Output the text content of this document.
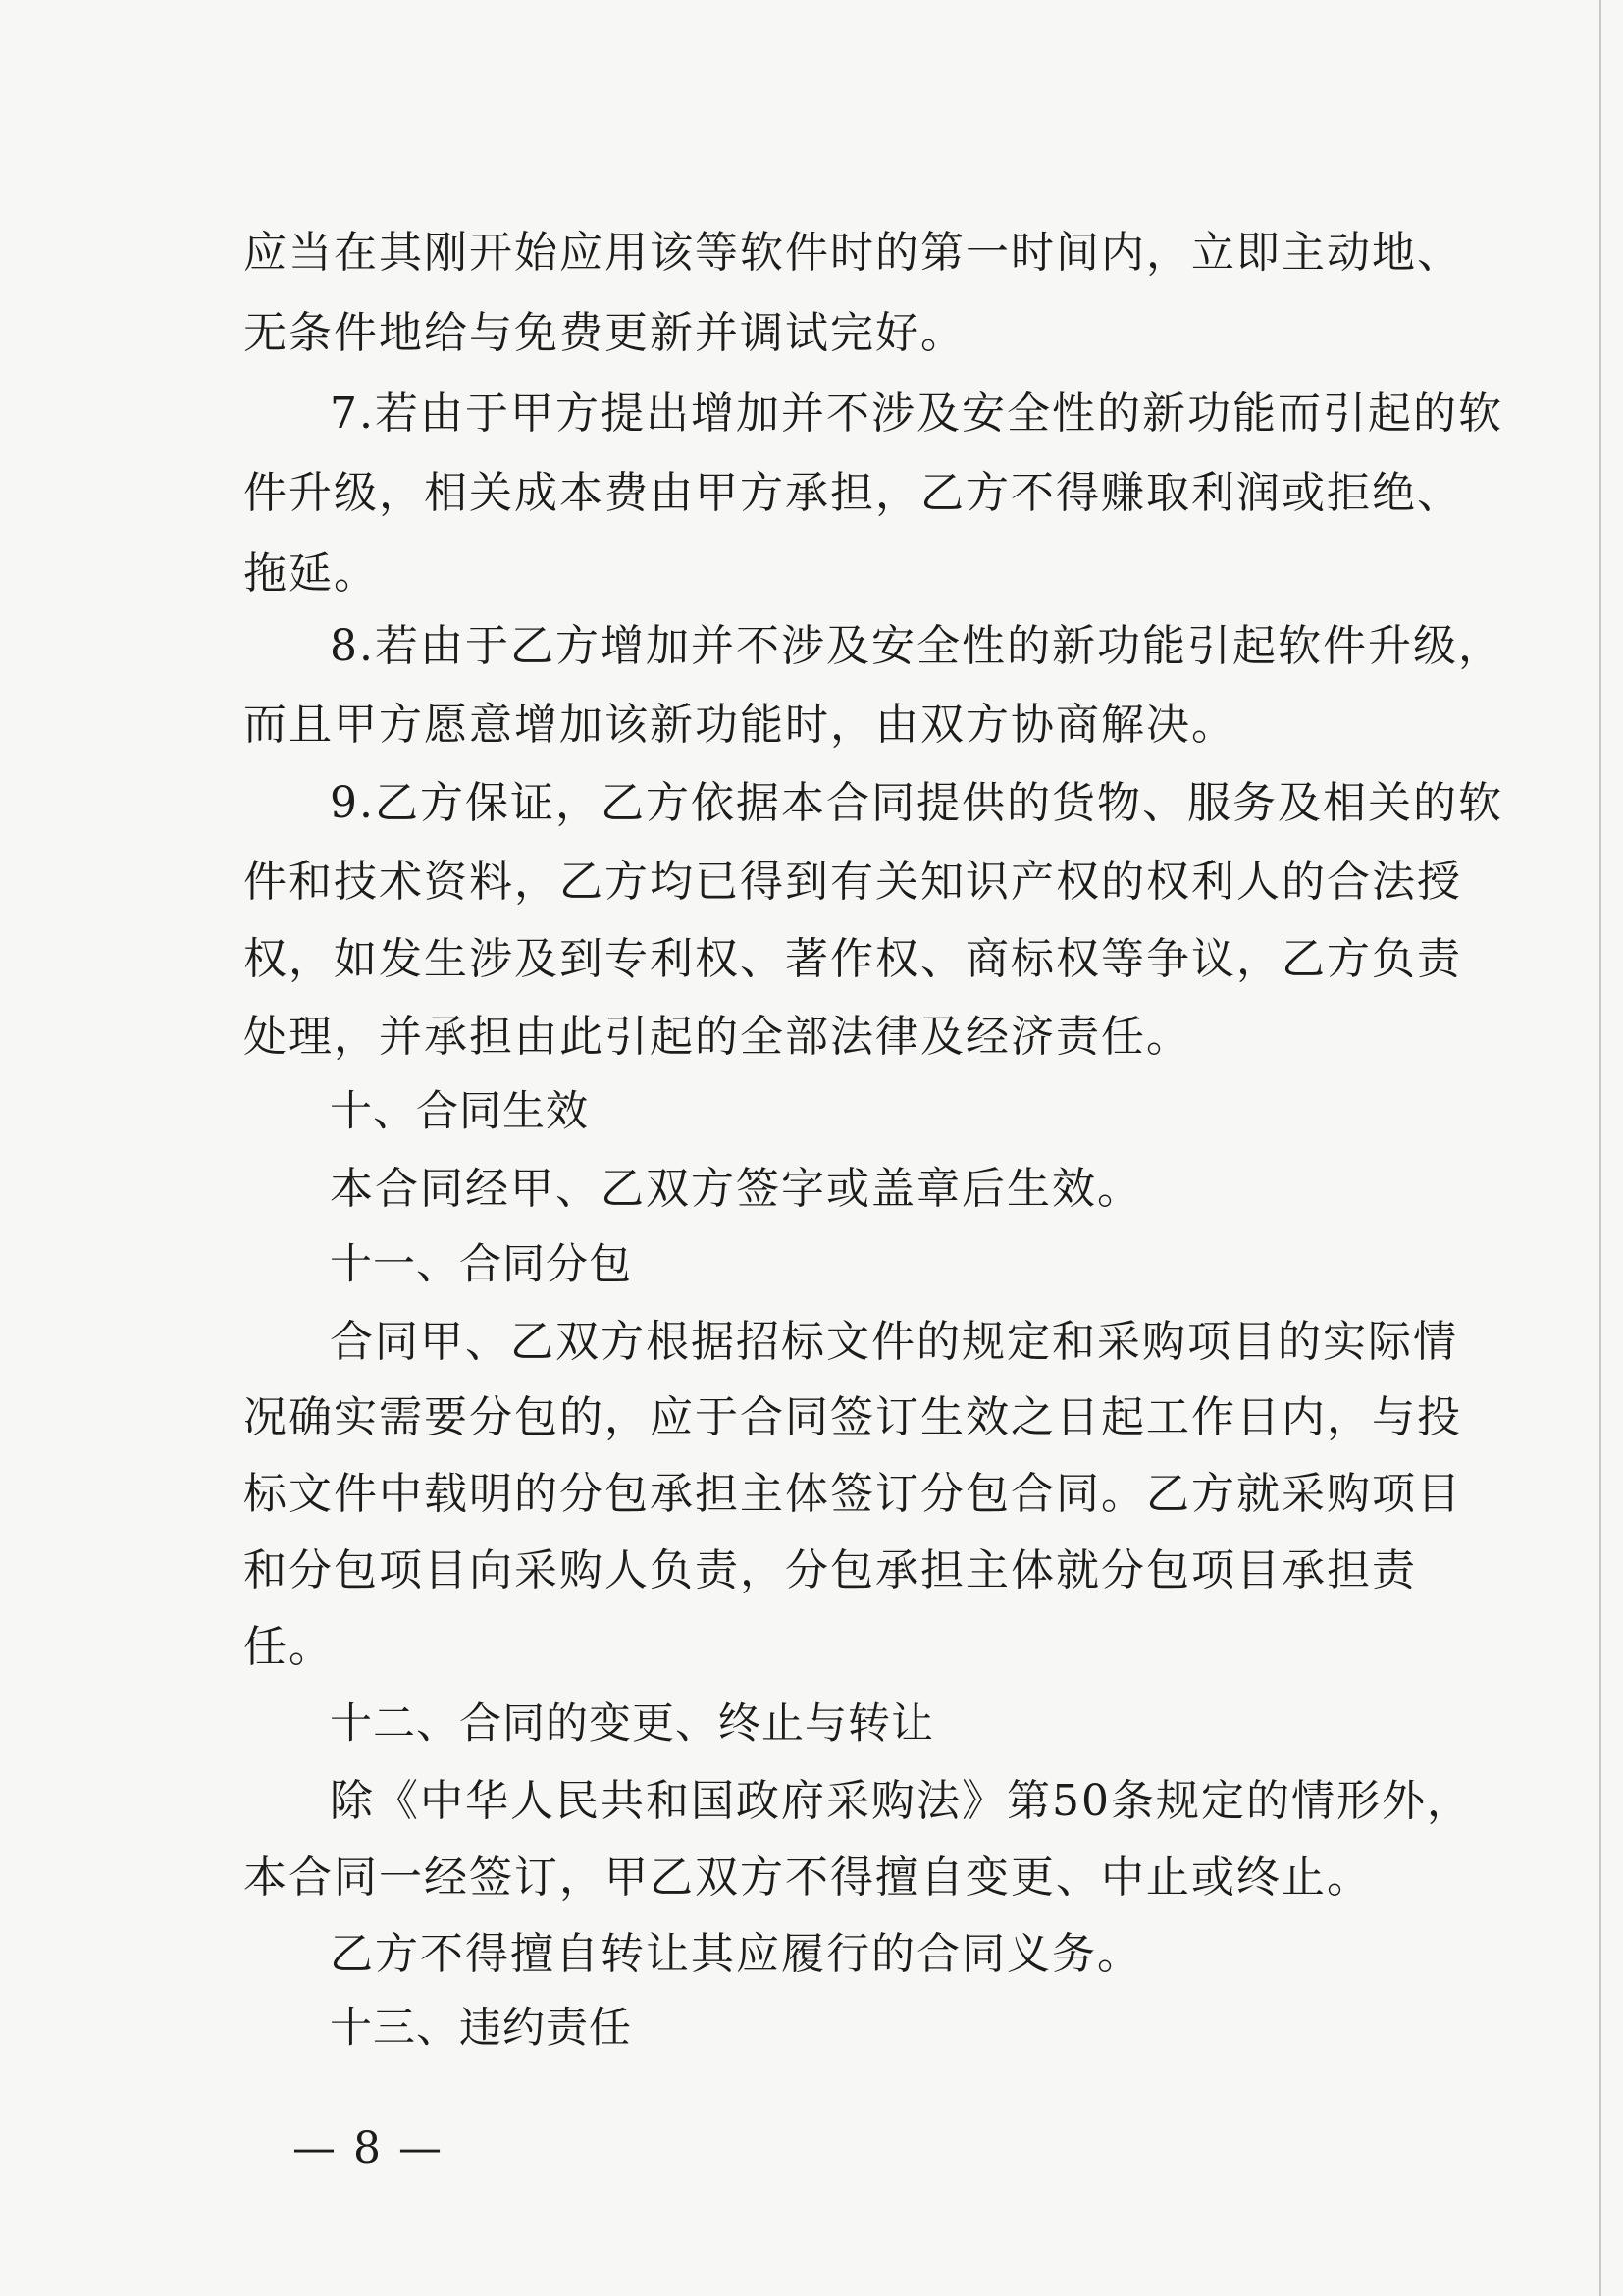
应当在其刚开始应用该等软件时的第一时间内，立即主动地、
无条件地给与免费更新并调试完好。
7.若由于甲方提出增加并不涉及安全性的新功能而引起的软
件升级，相关成本费由甲方承担，乙方不得赚取利润或拒绝、
拖延。
8.若由于乙方增加并不涉及安全性的新功能引起软件升级，
而且甲方愿意增加该新功能时，由双方协商解决。
9.乙方保证，乙方依据本合同提供的货物、服务及相关的软
件和技术资料，乙方均已得到有关知识产权的权利人的合法授
权，如发生涉及到专利权、著作权、商标权等争议，乙方负责
处理，并承担由此引起的全部法律及经济责任。
十、合同生效
本合同经甲、乙双方签字或盖章后生效。
十一、合同分包
合同甲、乙双方根据招标文件的规定和采购项目的实际情
况确实需要分包的，应于合同签订生效之日起工作日内，与投
标文件中载明的分包承担主体签订分包合同。乙方就采购项目
和分包项目向采购人负责，分包承担主体就分包项目承担责
任。
十二、合同的变更、终止与转让
除《中华人民共和国政府采购法》第50条规定的情形外，
本合同一经签订，甲乙双方不得擅自变更、中止或终止。
乙方不得擅自转让其应履行的合同义务。
十三、违约责任
— 8 —
